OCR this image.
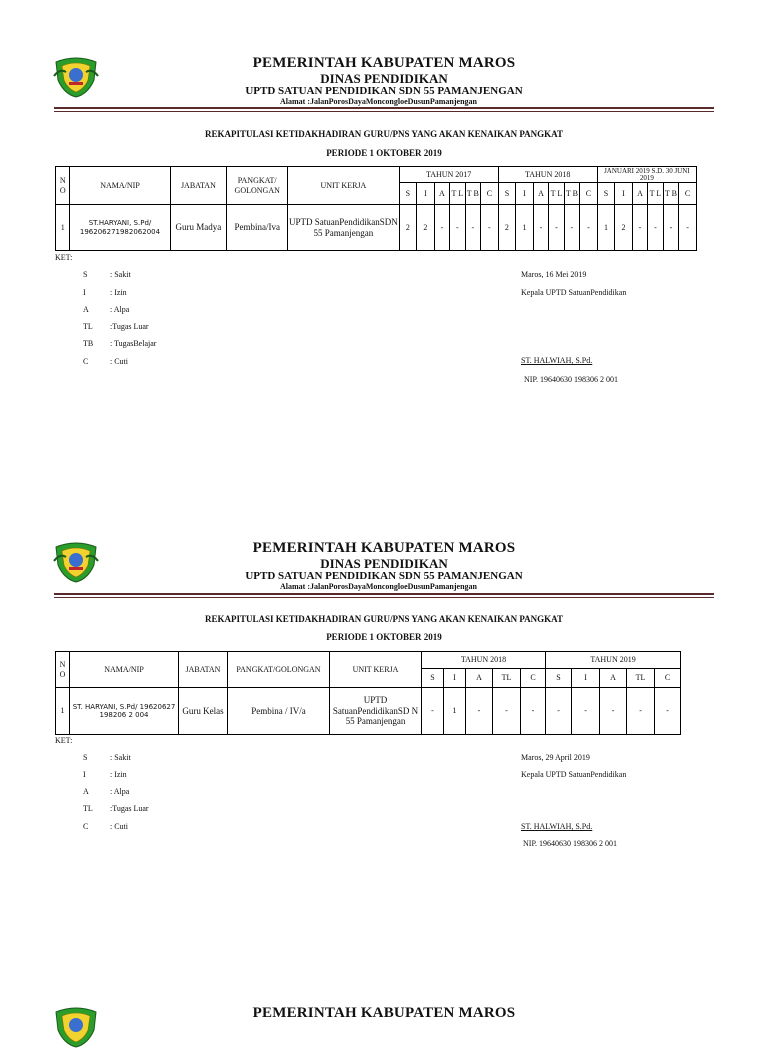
PEMERINTAH KABUPATEN MAROS
DINAS PENDIDIKAN
UPTD SATUAN PENDIDIKAN SDN 55 PAMANJENGAN
Alamat :JalanPorosDayaMoncongloeDusunPamanjengan
REKAPITULASI KETIDAKHADIRAN GURU/PNS YANG AKAN KENAIKAN PANGKAT
PERIODE 1 OKTOBER 2019
N O	NAMA/NIP	JABATAN	PANGKAT/ GOLONGAN	UNIT KERJA	TAHUN 2017						TAHUN 2018						JANUARI 2019 S.D. 30 JUNI 2019					
					S	I	A	T L	T B	C	S	I	A	T L	T B	C	S	I	A	T L	T B	C
1	ST.HARYANI, S.Pd/ 196206271982062004	Guru Madya	Pembina/Iva	UPTD SatuanPendidikanSDN 55 Pamanjengan	2	2	-	-	-	-	2	1	-	-	-	-	1	2	-	-	-	-
KET:
S	: Sakit
I	: Izin
A	: Alpa
TL :Tugas Luar
TB : TugasBelajar
C	: Cuti
Maros, 16 Mei 2019
Kepala UPTD SatuanPendidikan
ST. HALWIAH, S.Pd.
NIP. 19640630 198306 2 001
PEMERINTAH KABUPATEN MAROS
DINAS PENDIDIKAN
UPTD SATUAN PENDIDIKAN SDN 55 PAMANJENGAN
Alamat :JalanPorosDayaMoncongloeDusunPamanjengan
REKAPITULASI KETIDAKHADIRAN GURU/PNS YANG AKAN KENAIKAN PANGKAT
PERIODE 1 OKTOBER 2019
N O	NAMA/NIP	JABATAN	PANGKAT/GOLONGAN	UNIT KERJA	TAHUN 2018					TAHUN 2019				
					S	I	A	TL	C	S	I	A	TL	C
1	ST. HARYANI, S.Pd/ 19620627 198206 2 004	Guru Kelas	Pembina / IV/a	UPTD SatuanPendidikanSD N 55 Pamanjengan	-	1	-	-	-	-	-	-	-	-
KET:
S	: Sakit
I	: Izin
A	: Alpa
TL :Tugas Luar
C	: Cuti
Maros, 29 April 2019
Kepala UPTD SatuanPendidikan
ST. HALWIAH, S.Pd.
NIP. 19640630 198306 2 001
PEMERINTAH KABUPATEN MAROS
